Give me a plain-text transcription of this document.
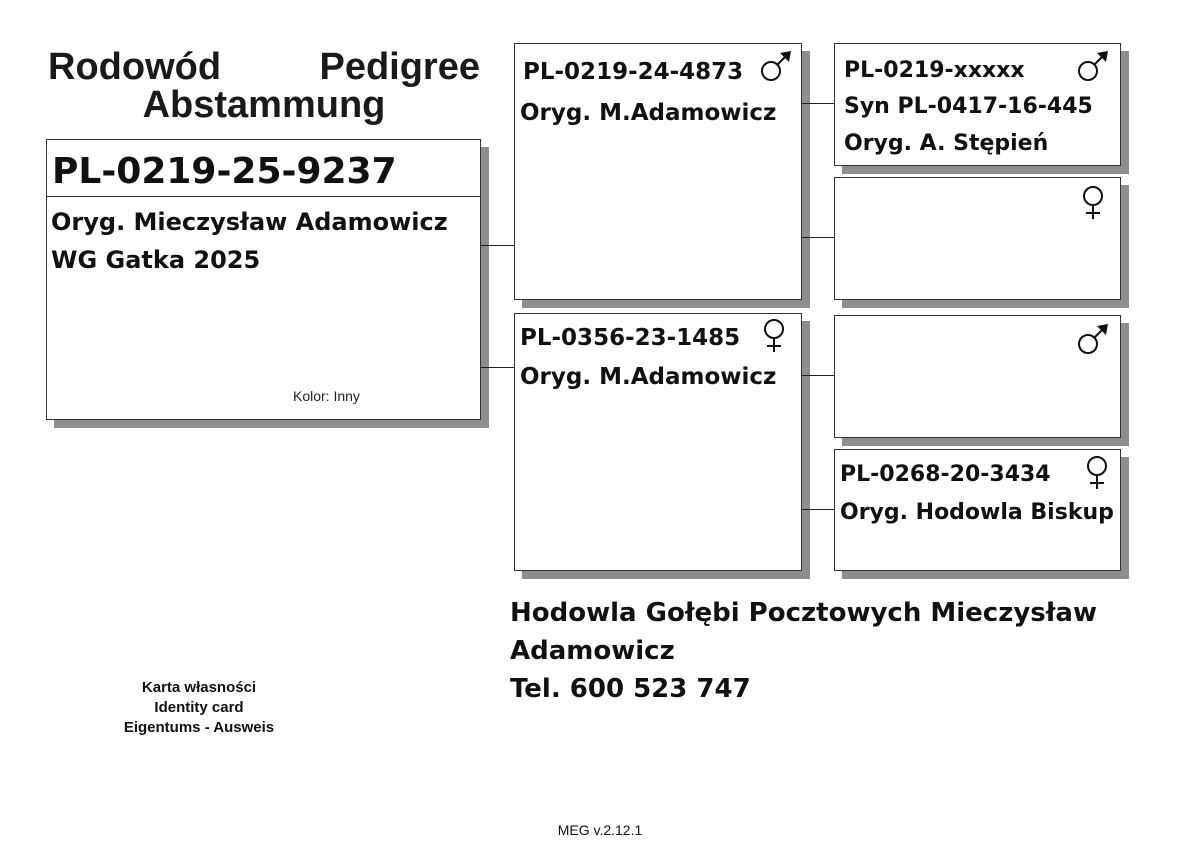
Rodowód	Pedigree
Abstammung
PL-0219-25-9237
Oryg. Mieczysław Adamowicz
WG Gatka 2025
Kolor: Inny
PL-0219-24-4873
Oryg. M.Adamowicz
PL-0356-23-1485
Oryg. M.Adamowicz
PL-0219-xxxxx
Syn PL-0417-16-445
Oryg. A. Stępień
PL-0268-20-3434
Oryg. Hodowla Biskup
Hodowla Gołębi Pocztowych Mieczysław
Adamowicz
Tel. 600 523 747
Karta własności
Identity card
Eigentums - Ausweis
MEG v.2.12.1
